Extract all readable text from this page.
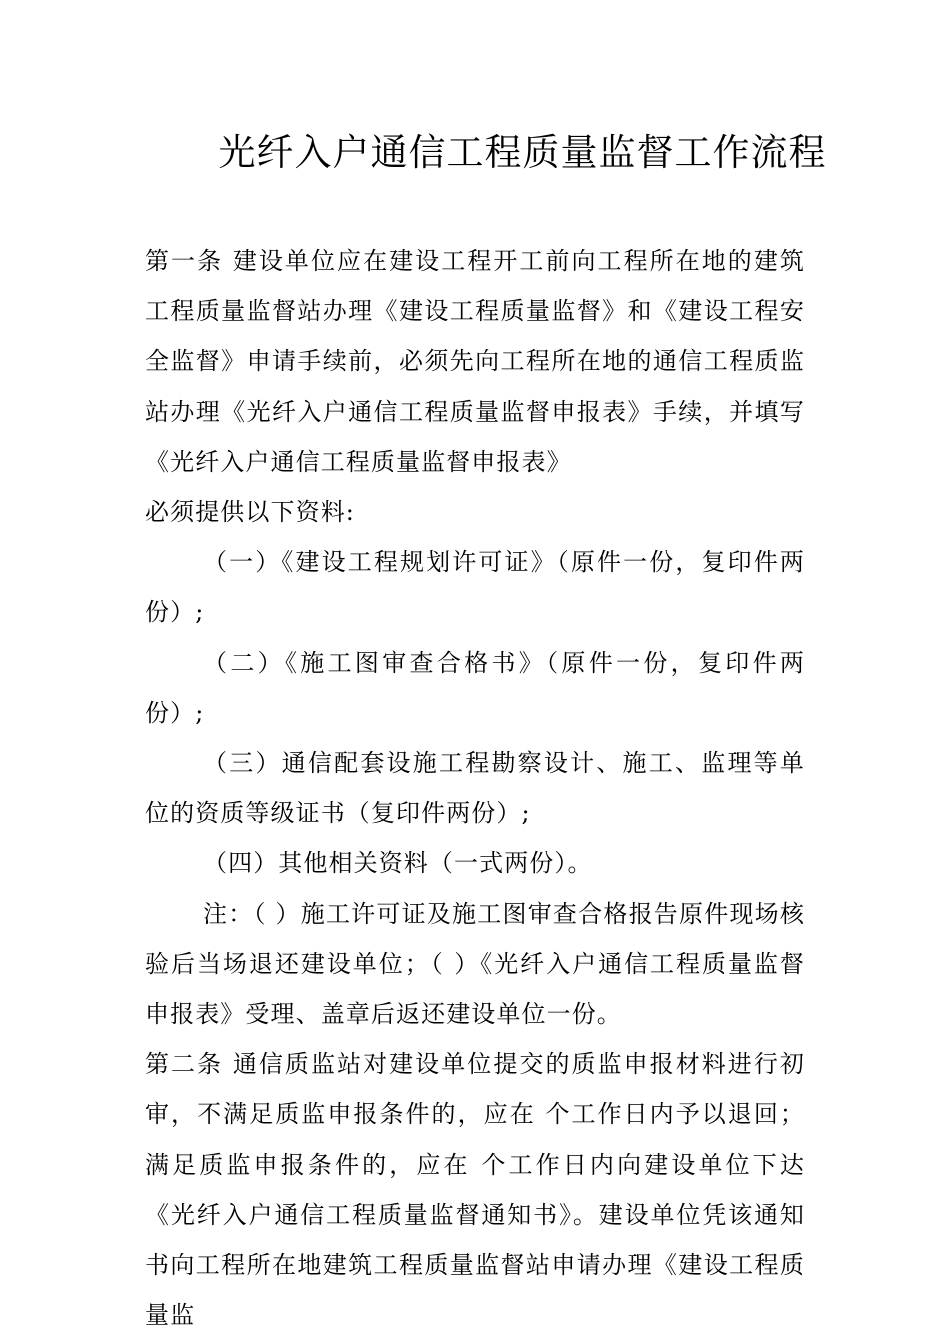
光纤入户通信工程质量监督工作流程

第一条 建设单位应在建设工程开工前向工程所在地的建筑工程质量监督站办理《建设工程质量监督》和《建设工程安全监督》申请手续前，必须先向工程所在地的通信工程质监站办理《光纤入户通信工程质量监督申报表》手续，并填写《光纤入户通信工程质量监督申报表》

必须提供以下资料:

（一）《建设工程规划许可证》（原件一份，复印件两份）;

（二）《施工图审查合格书》（原件一份，复印件两份）;

（三）通信配套设施工程勘察设计、施工、监理等单位的资质等级证书（复印件两份）;

（四）其他相关资料（一式两份）。

注：（ ）施工许可证及施工图审查合格报告原件现场核验后当场退还建设单位；（ ）《光纤入户通信工程质量监督申报表》受理、盖章后返还建设单位一份。

第二条 通信质监站对建设单位提交的质监申报材料进行初审，不满足质监申报条件的，应在 个工作日内予以退回；满足质监申报条件的，应在 个工作日内向建设单位下达《光纤入户通信工程质量监督通知书》。建设单位凭该通知书向工程所在地建筑工程质量监督站申请办理《建设工程质量监
